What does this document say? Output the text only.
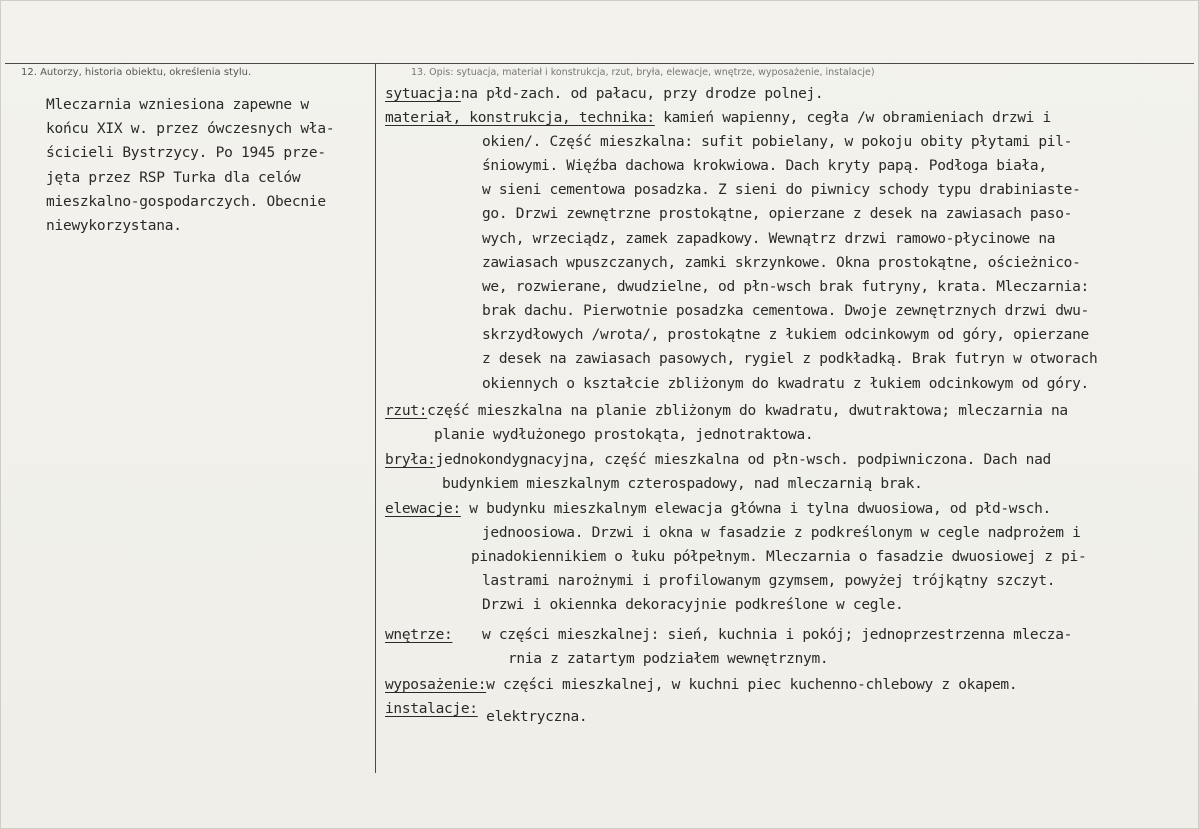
12. Autorzy, historia obiektu, określenia stylu.	13. Opis: sytuacja, materiał i konstrukcja, rzut, bryła, elewacje, wnętrze, wyposażenie, instalacje)
Mleczarnia wzniesiona zapewne w
końcu XIX w. przez ówczesnych wła-
ścicieli Bystrzycy. Po 1945 prze-
jęta przez RSP Turka dla celów
mieszkalno-gospodarczych. Obecnie
niewykorzystana.
sytuacja:na płd-zach. od pałacu, przy drodze polnej.
materiał, konstrukcja, technika: kamień wapienny, cegła /w obramieniach drzwi i
okien/. Część mieszkalna: sufit pobielany, w pokoju obity płytami pil-
śniowymi. Więźba dachowa krokwiowa. Dach kryty papą. Podłoga biała,
w sieni cementowa posadzka. Z sieni do piwnicy schody typu drabiniaste-
go. Drzwi zewnętrzne prostokątne, opierzane z desek na zawiasach paso-
wych, wrzeciądz, zamek zapadkowy. Wewnątrz drzwi ramowo-płycinowe na
zawiasach wpuszczanych, zamki skrzynkowe. Okna prostokątne, ościeżnico-
we, rozwierane, dwudzielne, od płn-wsch brak futryny, krata. Mleczarnia:
brak dachu. Pierwotnie posadzka cementowa. Dwoje zewnętrznych drzwi dwu-
skrzydłowych /wrota/, prostokątne z łukiem odcinkowym od góry, opierzane
z desek na zawiasach pasowych, rygiel z podkładką. Brak futryn w otworach
okiennych o kształcie zbliżonym do kwadratu z łukiem odcinkowym od góry.
rzut:część mieszkalna na planie zbliżonym do kwadratu, dwutraktowa; mleczarnia na
planie wydłużonego prostokąta, jednotraktowa.
bryła:jednokondygnacyjna, część mieszkalna od płn-wsch. podpiwniczona. Dach nad
budynkiem mieszkalnym czterospadowy, nad mleczarnią brak.
elewacje: w budynku mieszkalnym elewacja główna i tylna dwuosiowa, od płd-wsch.
jednoosiowa. Drzwi i okna w fasadzie z podkreślonym w cegle nadprożem i
pinadokiennikiem o łuku półpełnym. Mleczarnia o fasadzie dwuosiowej z pi-
lastrami narożnymi i profilowanym gzymsem, powyżej trójkątny szczyt.
Drzwi i okiennka dekoracyjnie podkreślone w cegle.
wnętrze: w części mieszkalnej: sień, kuchnia i pokój; jednoprzestrzenna mlecza-
rnia z zatartym podziałem wewnętrznym.
wyposażenie:w części mieszkalnej, w kuchni piec kuchenno-chlebowy z okapem.
instalacje: elektryczna.
